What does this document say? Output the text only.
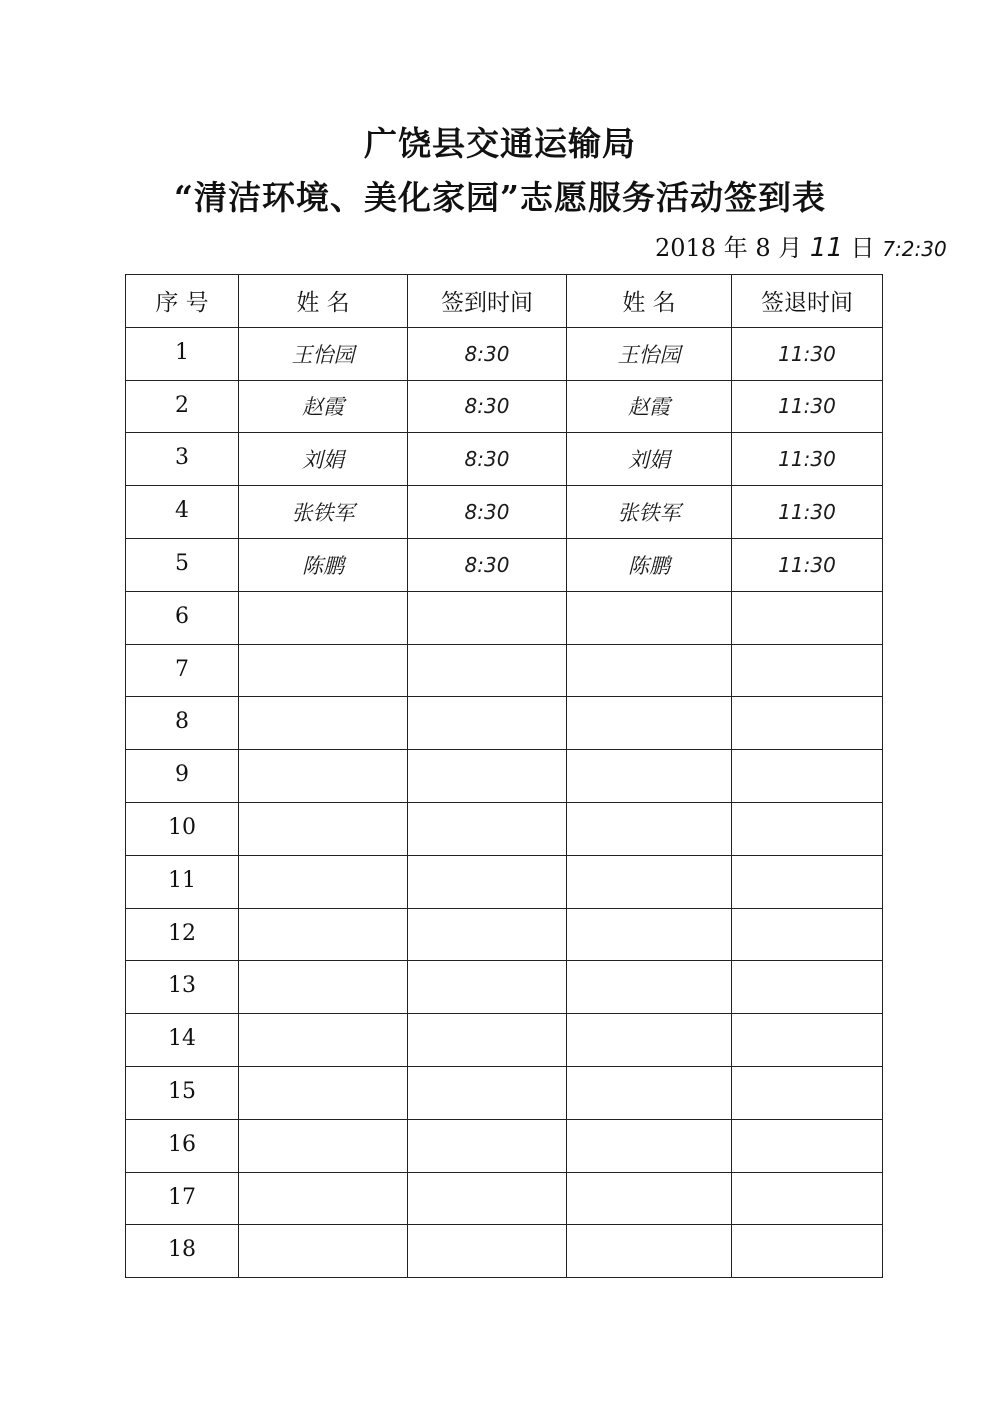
广饶县交通运输局
“清洁环境、美化家园”志愿服务活动签到表
2018 年 8 月 11 日 7:2:30
序 号	姓 名	签到时间	姓 名	签退时间
1	王怡园	8:30	王怡园	11:30
2	赵霞	8:30	赵霞	11:30
3	刘娟	8:30	刘娟	11:30
4	张铁军	8:30	张铁军	11:30
5	陈鹏	8:30	陈鹏	11:30
6				
7				
8				
9				
10				
11				
12				
13				
14				
15				
16				
17				
18				
